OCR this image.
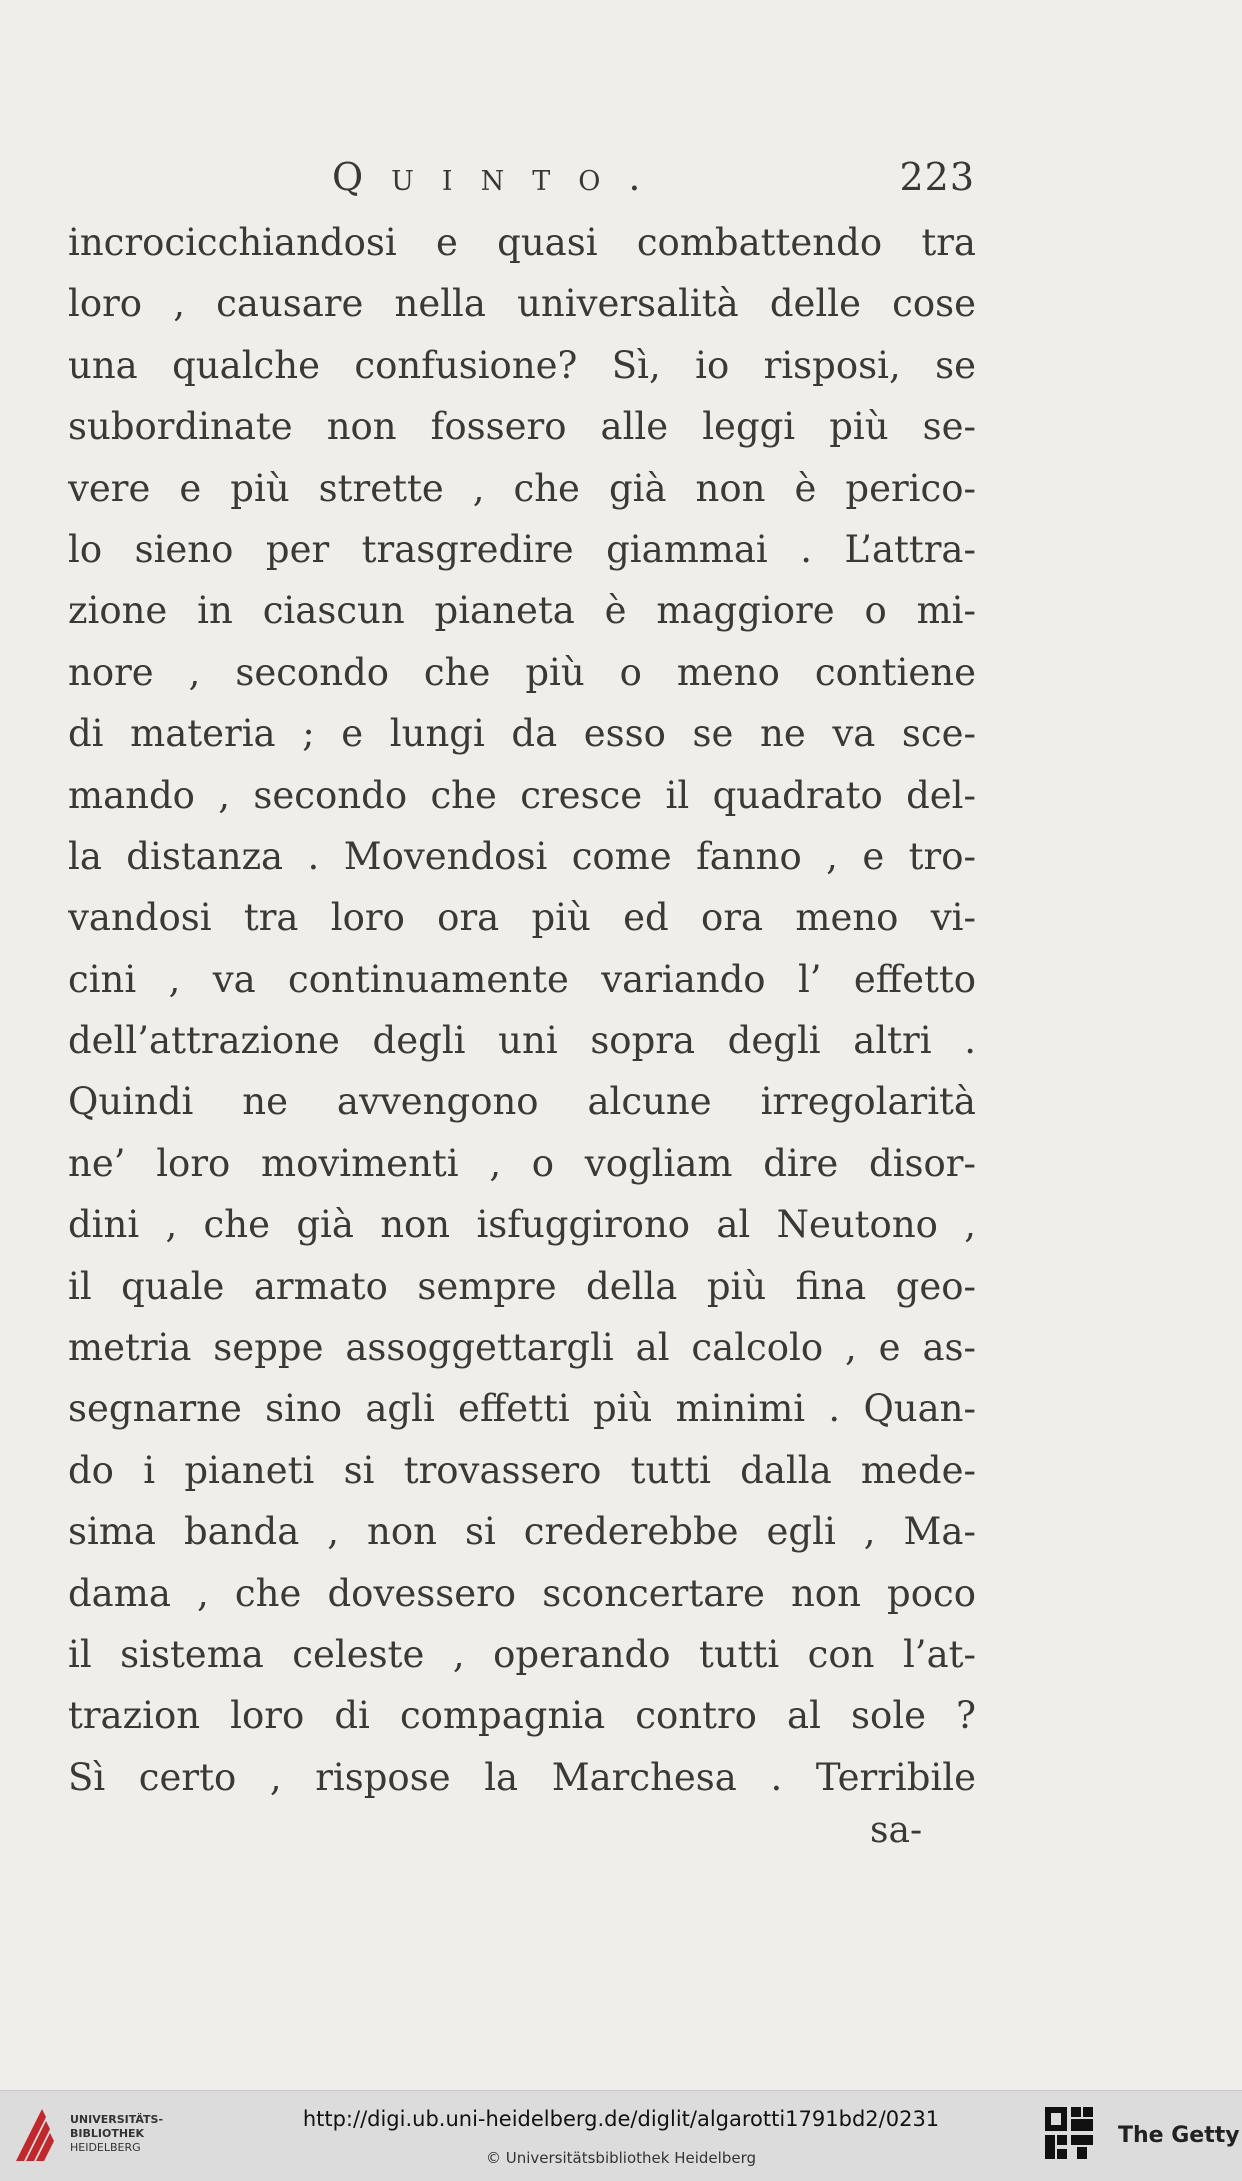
Quinto.	223
incrocicchiandosi e quasi combattendo tra
loro , causare nella universalità delle cose
una qualche confusione? Sì, io risposi, se
subordinate non fossero alle leggi più se-
vere e più strette , che già non è perico-
lo sieno per trasgredire giammai . L’attra-
zione in ciascun pianeta è maggiore o mi-
nore , secondo che più o meno contiene
di materia ; e lungi da esso se ne va sce-
mando , secondo che cresce il quadrato del-
la distanza . Movendosi come fanno , e tro-
vandosi tra loro ora più ed ora meno vi-
cini , va continuamente variando l’ effetto
dell’attrazione degli uni sopra degli altri .
Quindi ne avvengono alcune irregolarità
ne’ loro movimenti , o vogliam dire disor-
dini , che già non isfuggirono al Neutono ,
il quale armato sempre della più fina geo-
metria seppe assoggettargli al calcolo , e as-
segnarne sino agli effetti più minimi . Quan-
do i pianeti si trovassero tutti dalla mede-
sima banda , non si crederebbe egli , Ma-
dama , che dovessero sconcertare non poco
il sistema celeste , operando tutti con l’at-
trazion loro di compagnia contro al sole ?
Sì certo , rispose la Marchesa . Terribile
sa-
UNIVERSITÄTS-
BIBLIOTHEK
HEIDELBERG
http://digi.ub.uni-heidelberg.de/diglit/algarotti1791bd2/0231
© Universitätsbibliothek Heidelberg
The Getty
